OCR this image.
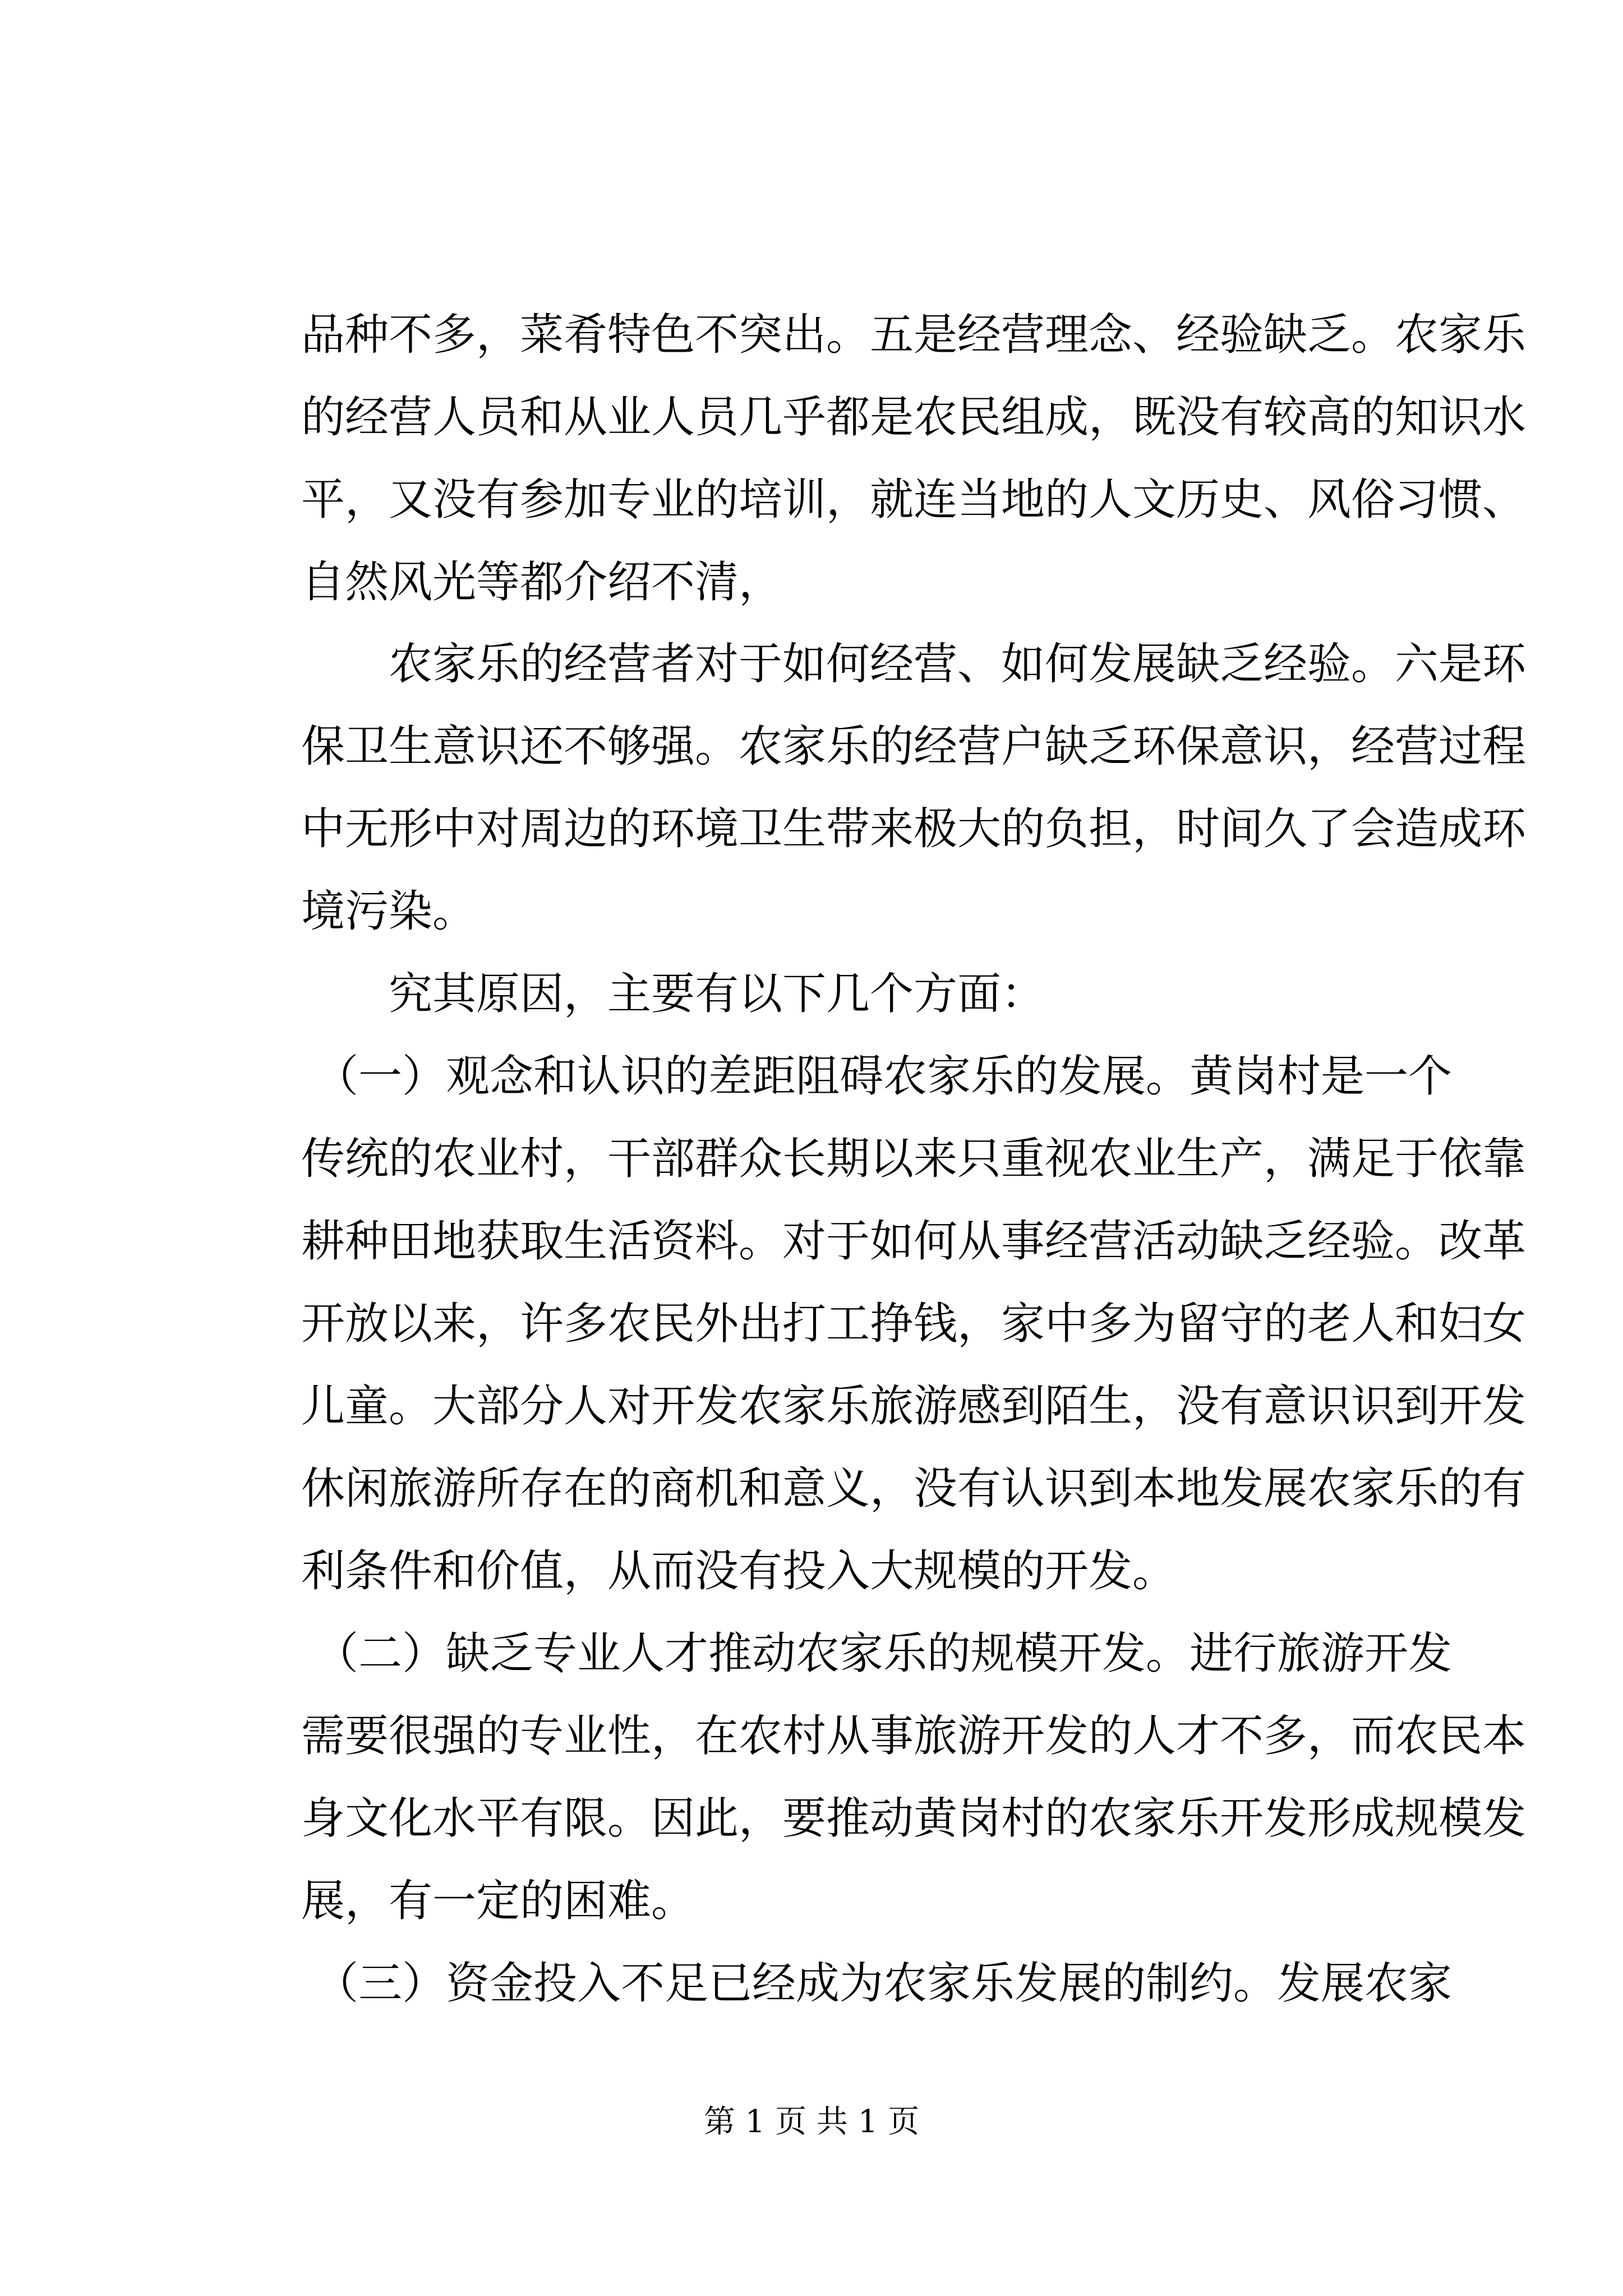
品种不多，菜肴特色不突出。五是经营理念、经验缺乏。农家乐
的经营人员和从业人员几乎都是农民组成，既没有较高的知识水
平，又没有参加专业的培训，就连当地的人文历史、风俗习惯、
自然风光等都介绍不清，
农家乐的经营者对于如何经营、如何发展缺乏经验。六是环
保卫生意识还不够强。农家乐的经营户缺乏环保意识，经营过程
中无形中对周边的环境卫生带来极大的负担，时间久了会造成环
境污染。
究其原因，主要有以下几个方面：
（一）观念和认识的差距阻碍农家乐的发展。黄岗村是一个
传统的农业村，干部群众长期以来只重视农业生产，满足于依靠
耕种田地获取生活资料。对于如何从事经营活动缺乏经验。改革
开放以来，许多农民外出打工挣钱，家中多为留守的老人和妇女
儿童。大部分人对开发农家乐旅游感到陌生，没有意识识到开发
休闲旅游所存在的商机和意义，没有认识到本地发展农家乐的有
利条件和价值，从而没有投入大规模的开发。
（二）缺乏专业人才推动农家乐的规模开发。进行旅游开发
需要很强的专业性，在农村从事旅游开发的人才不多，而农民本
身文化水平有限。因此，要推动黄岗村的农家乐开发形成规模发
展，有一定的困难。
（三）资金投入不足已经成为农家乐发展的制约。发展农家
第 1 页 共 1 页
